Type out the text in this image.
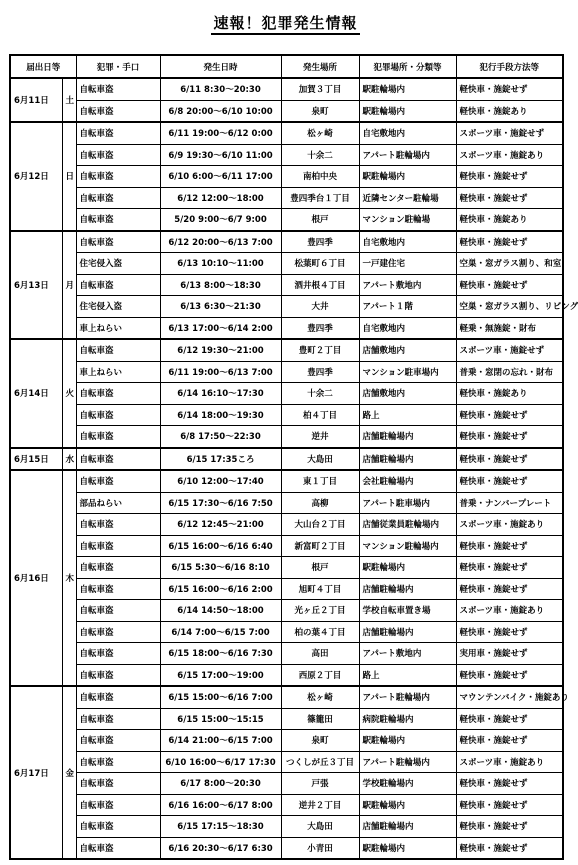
速報！犯罪発生情報
届出日等		犯罪・手口	発生日時	発生場所	犯罪場所・分類等	犯行手段方法等
6月11日	土	自転車盗	6/11 8:30～20:30	加賀３丁目	駅駐輪場内	軽快車・施錠せず
		自転車盗	6/8 20:00～6/10 10:00	泉町	駅駐輪場内	軽快車・施錠あり
6月12日	日	自転車盗	6/11 19:00～6/12 0:00	松ヶ崎	自宅敷地内	スポーツ車・施錠せず
		自転車盗	6/9 19:30～6/10 11:00	十余二	アパート駐輪場内	スポーツ車・施錠あり
		自転車盗	6/10 6:00～6/11 17:00	南柏中央	駅駐輪場内	軽快車・施錠せず
		自転車盗	6/12 12:00～18:00	豊四季台１丁目	近隣センター駐輪場	軽快車・施錠せず
		自転車盗	5/20 9:00～6/7 9:00	根戸	マンション駐輪場	軽快車・施錠あり
6月13日	月	自転車盗	6/12 20:00～6/13 7:00	豊四季	自宅敷地内	軽快車・施錠せず
		住宅侵入盗	6/13 10:10～11:00	松葉町６丁目	一戸建住宅	空巣・窓ガラス割り、和室
		自転車盗	6/13 8:00～18:30	酒井根４丁目	アパート敷地内	軽快車・施錠せず
		住宅侵入盗	6/13 6:30～21:30	大井	アパート１階	空巣・窓ガラス割り、リビング
		車上ねらい	6/13 17:00～6/14 2:00	豊四季	自宅敷地内	軽乗・無施錠・財布
6月14日	火	自転車盗	6/12 19:30～21:00	豊町２丁目	店舗敷地内	スポーツ車・施錠せず
		車上ねらい	6/11 19:00～6/13 7:00	豊四季	マンション駐車場内	普乗・窓閉の忘れ・財布
		自転車盗	6/14 16:10～17:30	十余二	店舗敷地内	軽快車・施錠あり
		自転車盗	6/14 18:00～19:30	柏４丁目	路上	軽快車・施錠せず
		自転車盗	6/8 17:50～22:30	逆井	店舗駐輪場内	軽快車・施錠せず
6月15日	水	自転車盗	6/15 17:35ころ	大島田	店舗駐輪場内	軽快車・施錠せず
6月16日	木	自転車盗	6/10 12:00～17:40	東１丁目	会社駐輪場内	軽快車・施錠せず
		部品ねらい	6/15 17:30～6/16 7:50	高柳	アパート駐車場内	普乗・ナンバープレート
		自転車盗	6/12 12:45～21:00	大山台２丁目	店舗従業員駐輪場内	スポーツ車・施錠あり
		自転車盗	6/15 16:00～6/16 6:40	新富町２丁目	マンション駐輪場内	軽快車・施錠せず
		自転車盗	6/15 5:30～6/16 8:10	根戸	駅駐輪場内	軽快車・施錠せず
		自転車盗	6/15 16:00～6/16 2:00	旭町４丁目	店舗駐輪場内	軽快車・施錠せず
		自転車盗	6/14 14:50～18:00	光ヶ丘２丁目	学校自転車置き場	スポーツ車・施錠あり
		自転車盗	6/14 7:00～6/15 7:00	柏の葉４丁目	店舗駐輪場内	軽快車・施錠せず
		自転車盗	6/15 18:00～6/16 7:30	高田	アパート敷地内	実用車・施錠せず
		自転車盗	6/15 17:00～19:00	西原２丁目	路上	軽快車・施錠せず
6月17日	金	自転車盗	6/15 15:00～6/16 7:00	松ヶ崎	アパート駐輪場内	マウンテンバイク・施錠あり
		自転車盗	6/15 15:00～15:15	篠籠田	病院駐輪場内	軽快車・施錠せず
		自転車盗	6/14 21:00～6/15 7:00	泉町	駅駐輪場内	軽快車・施錠せず
		自転車盗	6/10 16:00～6/17 17:30	つくしが丘３丁目	アパート駐輪場内	スポーツ車・施錠あり
		自転車盗	6/17 8:00～20:30	戸張	学校駐輪場内	軽快車・施錠せず
		自転車盗	6/16 16:00～6/17 8:00	逆井２丁目	駅駐輪場内	軽快車・施錠せず
		自転車盗	6/15 17:15～18:30	大島田	店舗駐輪場内	軽快車・施錠せず
		自転車盗	6/16 20:30～6/17 6:30	小青田	駅駐輪場内	軽快車・施錠せず
